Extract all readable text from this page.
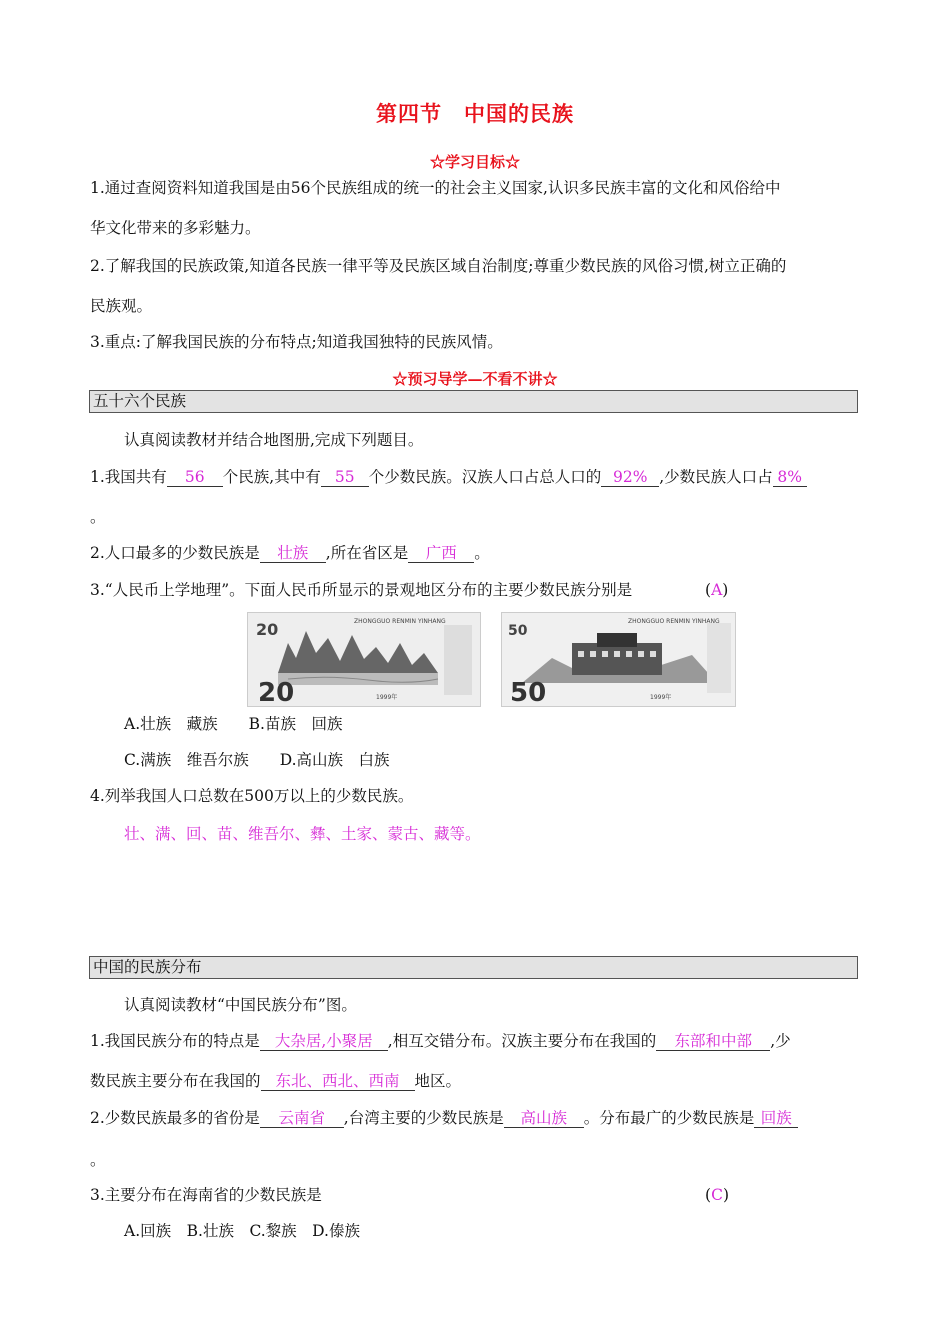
第四节　中国的民族
☆学习目标☆
1.通过查阅资料知道我国是由56个民族组成的统一的社会主义国家,认识多民族丰富的文化和风俗给中
华文化带来的多彩魅力。
2.了解我国的民族政策,知道各民族一律平等及民族区域自治制度;尊重少数民族的风俗习惯,树立正确的
民族观。
3.重点:了解我国民族的分布特点;知道我国独特的民族风情。
☆预习导学—不看不讲☆
五十六个民族
认真阅读教材并结合地图册,完成下列题目。
1.我国共有 56 个民族,其中有 55 个少数民族。汉族人口占总人口的 92% ,少数民族人口占 8%
。
2.人口最多的少数民族是 壮族 ,所在省区是 广西 。
3.“人民币上学地理”。下面人民币所显示的景观地区分布的主要少数民族分别是	(A)
20
20
ZHONGGUO RENMIN YINHANG
1999年
50
50
ZHONGGUO RENMIN YINHANG
1999年
A.壮族　藏族　　B.苗族　回族
C.满族　维吾尔族　　D.高山族　白族
4.列举我国人口总数在500万以上的少数民族。
壮、满、回、苗、维吾尔、彝、土家、蒙古、藏等。
中国的民族分布
认真阅读教材“中国民族分布”图。
1.我国民族分布的特点是 大杂居,小聚居 ,相互交错分布。汉族主要分布在我国的 东部和中部 ,少
数民族主要分布在我国的 东北、西北、西南 地区。
2.少数民族最多的省份是 云南省 ,台湾主要的少数民族是 高山族 。分布最广的少数民族是 回族
。
3.主要分布在海南省的少数民族是	(C)
A.回族　B.壮族　C.黎族　D.傣族
